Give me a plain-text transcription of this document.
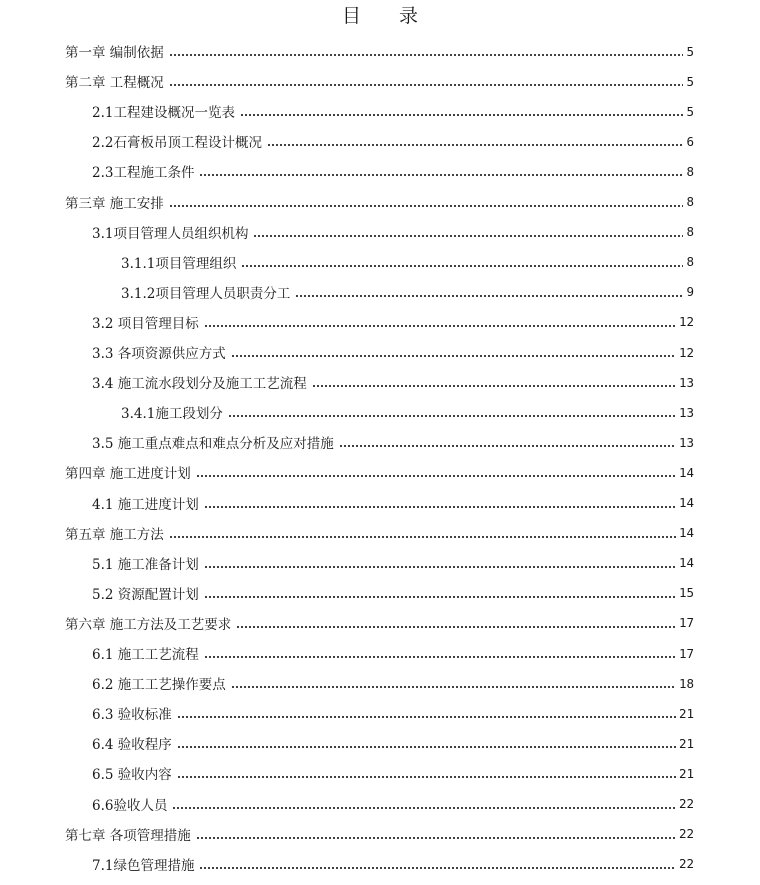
目 录
第一章 编制依据	5
第二章 工程概况	5
2.1工程建设概况一览表	5
2.2石膏板吊顶工程设计概况	6
2.3工程施工条件	8
第三章 施工安排	8
3.1项目管理人员组织机构	8
3.1.1项目管理组织	8
3.1.2项目管理人员职责分工	9
3.2 项目管理目标	12
3.3 各项资源供应方式	12
3.4 施工流水段划分及施工工艺流程	13
3.4.1施工段划分	13
3.5 施工重点难点和难点分析及应对措施	13
第四章 施工进度计划	14
4.1 施工进度计划	14
第五章 施工方法	14
5.1 施工准备计划	14
5.2 资源配置计划	15
第六章 施工方法及工艺要求	17
6.1 施工工艺流程	17
6.2 施工工艺操作要点	18
6.3 验收标准	21
6.4 验收程序	21
6.5 验收内容	21
6.6验收人员	22
第七章 各项管理措施	22
7.1绿色管理措施	22
